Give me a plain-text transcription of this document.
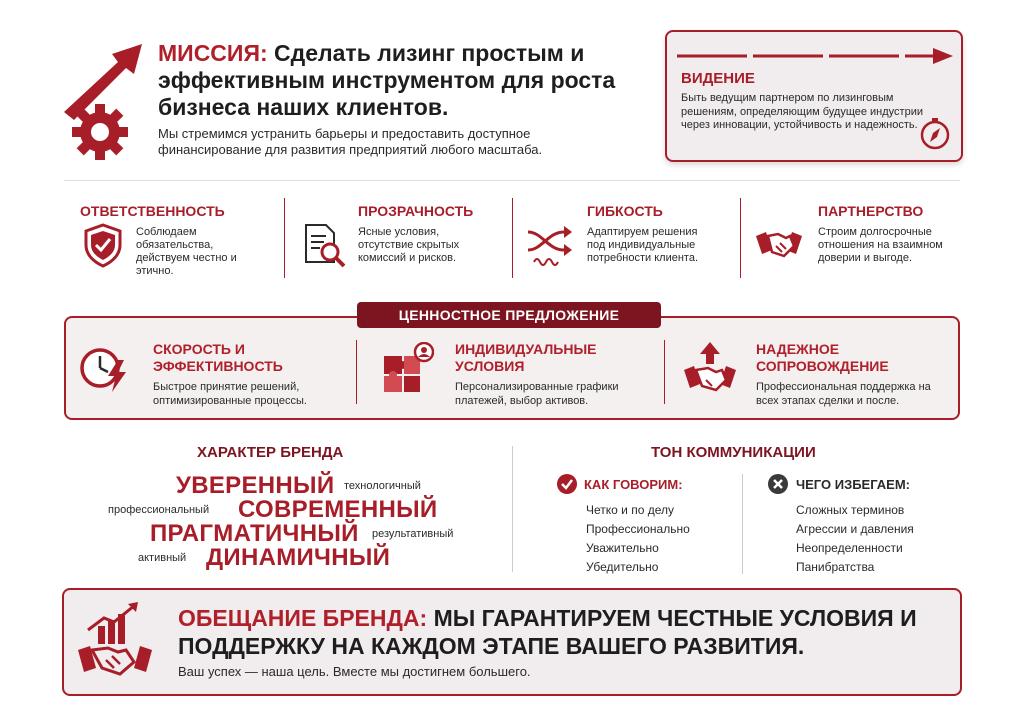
МИССИЯ: Сделать лизинг простым и эффективным инструментом для роста бизнеса наших клиентов.
Мы стремимся устранить барьеры и предоставить доступное финансирование для развития предприятий любого масштаба.
ВИДЕНИЕ
Быть ведущим партнером по лизинговым решениям, определяющим будущее индустрии через инновации, устойчивость и надежность.
ОТВЕТСТВЕННОСТЬ
Соблюдаем обязательства, действуем честно и этично.
ПРОЗРАЧНОСТЬ
Ясные условия, отсутствие скрытых комиссий и рисков.
ГИБКОСТЬ
Адаптируем решения под индивидуальные потребности клиента.
ПАРТНЕРСТВО
Строим долгосрочные отношения на взаимном доверии и выгоде.
ЦЕННОСТНОЕ ПРЕДЛОЖЕНИЕ
СКОРОСТЬ И
ЭФФЕКТИВНОСТЬ
Быстрое принятие решений, оптимизированные процессы.
ИНДИВИДУАЛЬНЫЕ
УСЛОВИЯ
Персонализированные графики платежей, выбор активов.
НАДЕЖНОЕ
СОПРОВОЖДЕНИЕ
Профессиональная поддержка на всех этапах сделки и после.
ХАРАКТЕР БРЕНДА
УВЕРЕННЫЙ технологичный
профессиональный СОВРЕМЕННЫЙ
ПРАГМАТИЧНЫЙ результативный
активный ДИНАМИЧНЫЙ
ТОН КОММУНИКАЦИИ
КАК ГОВОРИМ:
Четко и по делу
Профессионально
Уважительно
Убедительно
ЧЕГО ИЗБЕГАЕМ:
Сложных терминов
Агрессии и давления
Неопределенности
Панибратства
ОБЕЩАНИЕ БРЕНДА: МЫ ГАРАНТИРУЕМ ЧЕСТНЫЕ УСЛОВИЯ И ПОДДЕРЖКУ НА КАЖДОМ ЭТАПЕ ВАШЕГО РАЗВИТИЯ.
Ваш успех — наша цель. Вместе мы достигнем большего.
